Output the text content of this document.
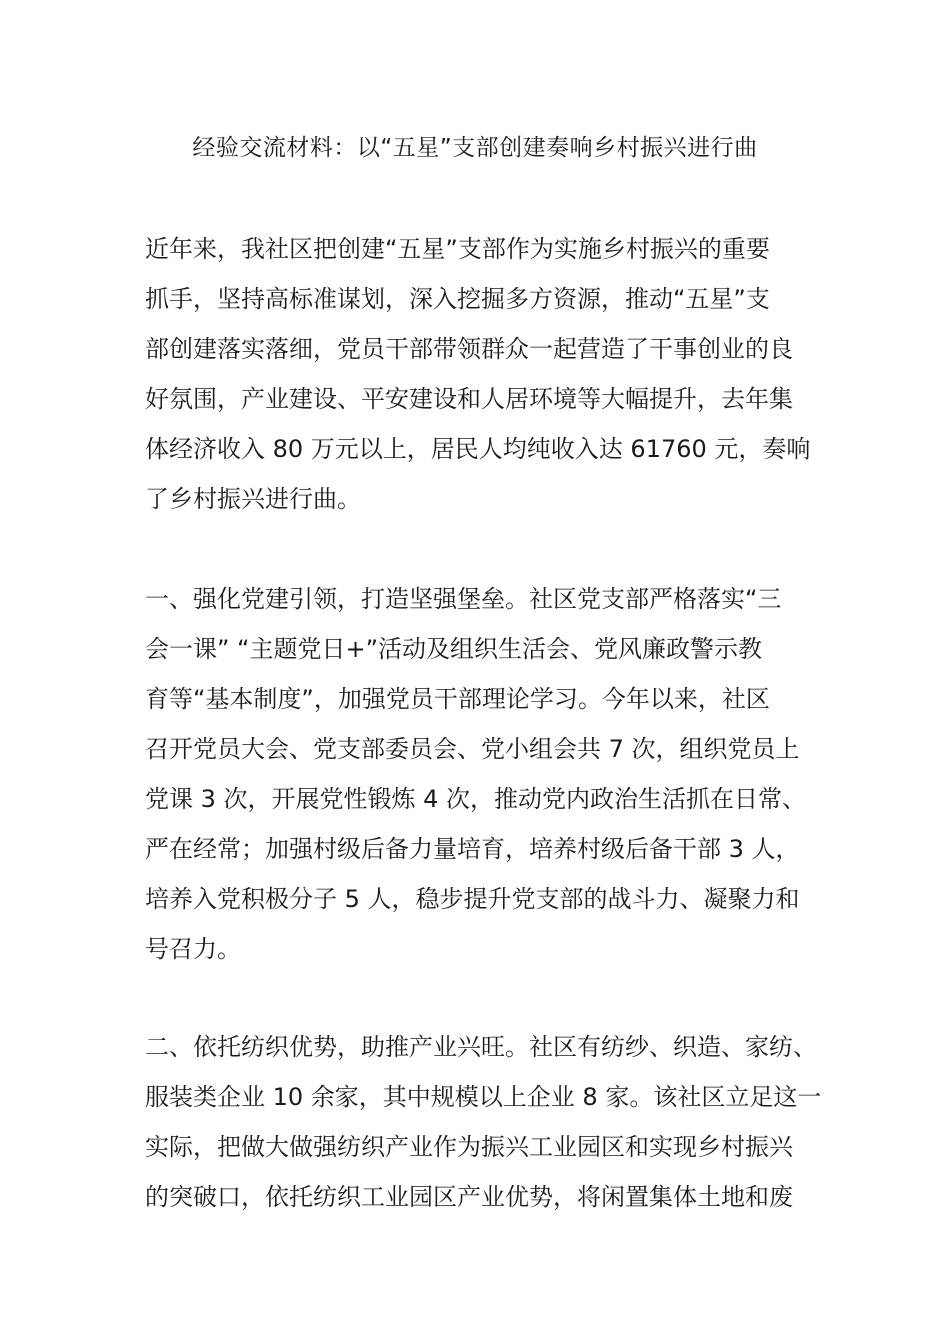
经验交流材料：以“五星”支部创建奏响乡村振兴进行曲
近年来，我社区把创建“五星”支部作为实施乡村振兴的重要
抓手，坚持高标准谋划，深入挖掘多方资源，推动“五星”支
部创建落实落细，党员干部带领群众一起营造了干事创业的良
好氛围，产业建设、平安建设和人居环境等大幅提升，去年集
体经济收入 80 万元以上，居民人均纯收入达 61760 元，奏响
了乡村振兴进行曲。
一、强化党建引领，打造坚强堡垒。社区党支部严格落实“三
会一课” “主题党日+”活动及组织生活会、党风廉政警示教
育等“基本制度”，加强党员干部理论学习。今年以来，社区
召开党员大会、党支部委员会、党小组会共 7 次，组织党员上
党课 3 次，开展党性锻炼 4 次，推动党内政治生活抓在日常、
严在经常；加强村级后备力量培育，培养村级后备干部 3 人，
培养入党积极分子 5 人，稳步提升党支部的战斗力、凝聚力和
号召力。
二、依托纺织优势，助推产业兴旺。社区有纺纱、织造、家纺、
服装类企业 10 余家，其中规模以上企业 8 家。该社区立足这一
实际，把做大做强纺织产业作为振兴工业园区和实现乡村振兴
的突破口，依托纺织工业园区产业优势，将闲置集体土地和废
